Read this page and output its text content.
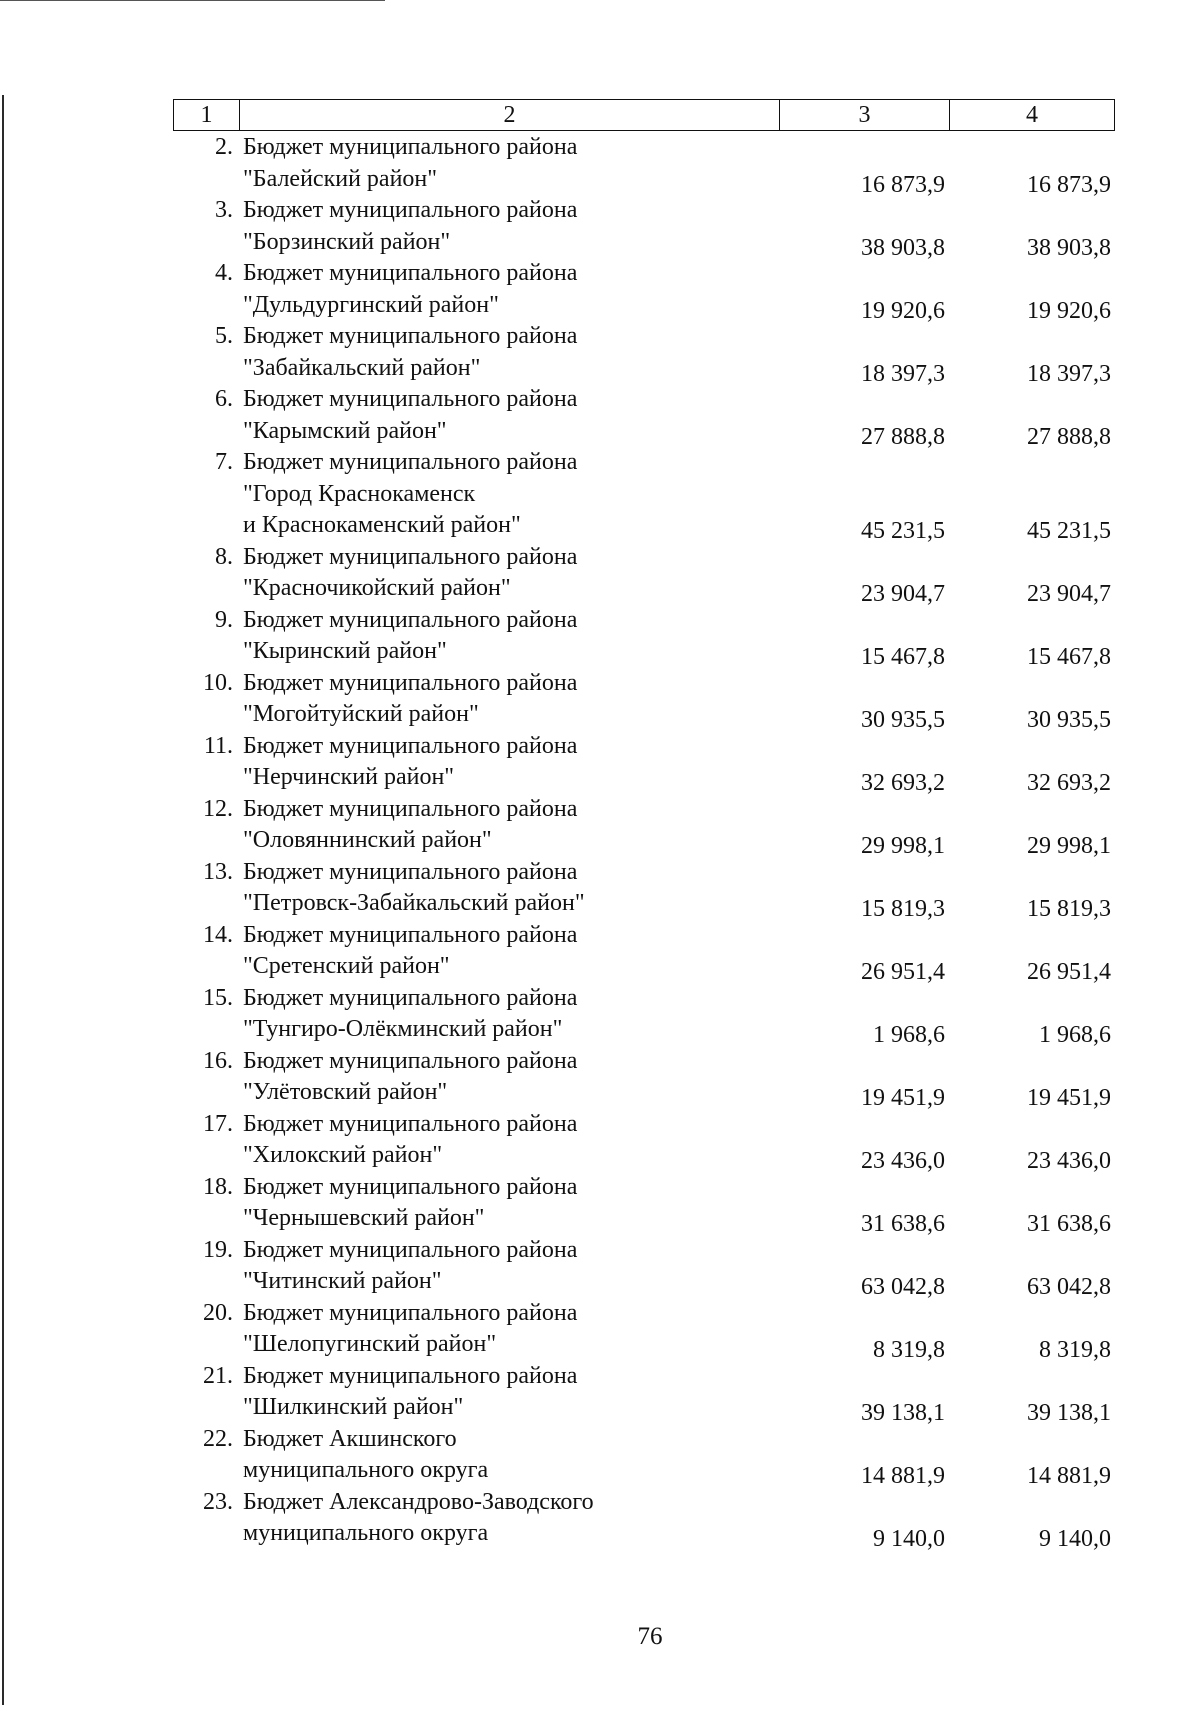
1	2	3	4
2. Бюджет муниципального района
"Балейский район"	16 873,9	16 873,9
3. Бюджет муниципального района
"Борзинский район"	38 903,8	38 903,8
4. Бюджет муниципального района
"Дульдургинский район"	19 920,6	19 920,6
5. Бюджет муниципального района
"Забайкальский район"	18 397,3	18 397,3
6. Бюджет муниципального района
"Карымский район"	27 888,8	27 888,8
7. Бюджет муниципального района
"Город Краснокаменск
и Краснокаменский район"	45 231,5	45 231,5
8. Бюджет муниципального района
"Красночикойский район"	23 904,7	23 904,7
9. Бюджет муниципального района
"Кыринский район"	15 467,8	15 467,8
10. Бюджет муниципального района
"Могойтуйский район"	30 935,5	30 935,5
11. Бюджет муниципального района
"Нерчинский район"	32 693,2	32 693,2
12. Бюджет муниципального района
"Оловяннинский район"	29 998,1	29 998,1
13. Бюджет муниципального района
"Петровск-Забайкальский район"	15 819,3	15 819,3
14. Бюджет муниципального района
"Сретенский район"	26 951,4	26 951,4
15. Бюджет муниципального района
"Тунгиро-Олёкминский район"	1 968,6	1 968,6
16. Бюджет муниципального района
"Улётовский район"	19 451,9	19 451,9
17. Бюджет муниципального района
"Хилокский район"	23 436,0	23 436,0
18. Бюджет муниципального района
"Чернышевский район"	31 638,6	31 638,6
19. Бюджет муниципального района
"Читинский район"	63 042,8	63 042,8
20. Бюджет муниципального района
"Шелопугинский район"	8 319,8	8 319,8
21. Бюджет муниципального района
"Шилкинский район"	39 138,1	39 138,1
22. Бюджет Акшинского
муниципального округа	14 881,9	14 881,9
23. Бюджет Александрово-Заводского
муниципального округа	9 140,0	9 140,0
76
